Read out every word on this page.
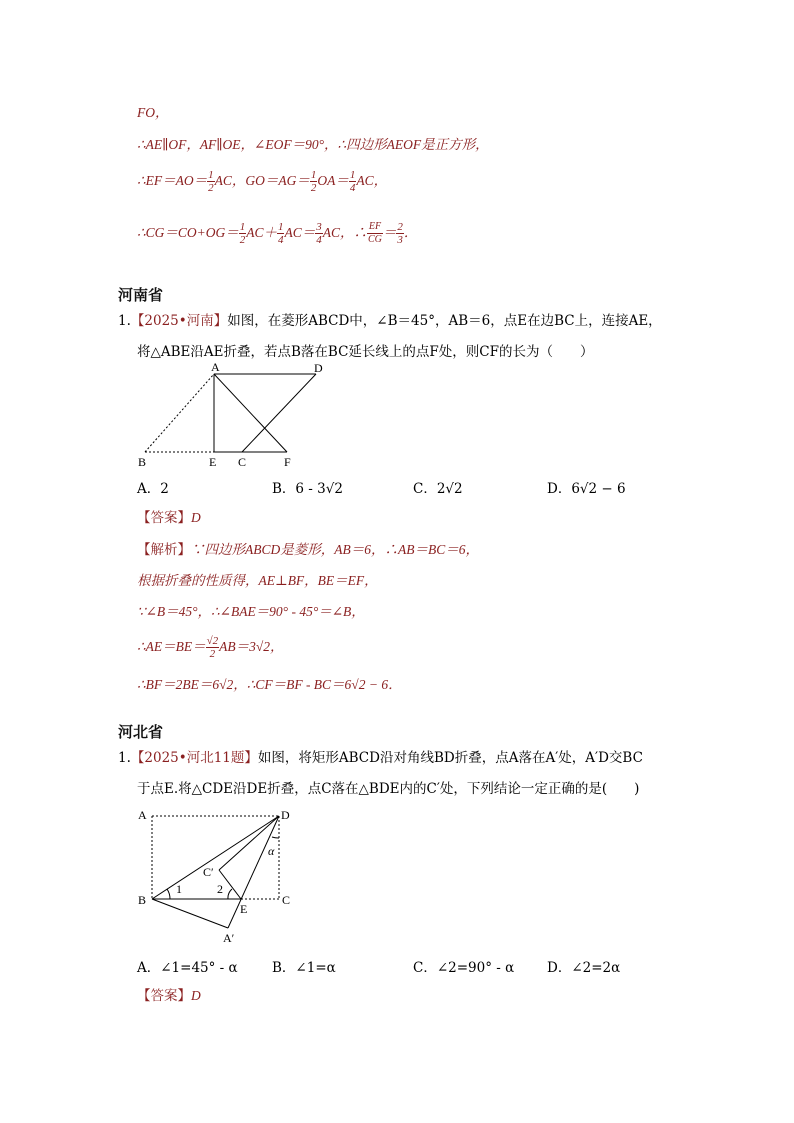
FO，
∴AE∥OF，AF∥OE，∠EOF＝90°，∴四边形AEOF是正方形，
∴EF＝AO＝ $\frac{1}{2}$ AC，$GO=AG= \frac{1}{2} OA= \frac{1}{4}$ AC，
∴CG＝CO+OG＝ $\frac{1}{2} AC+ \frac{1}{4} AC= \frac{3}{4}$ AC，∴ $\frac{EF}{CG} = \frac{2}{3}$ ．
河南省
1.【2025•河南】如图，在菱形ABCD中，∠B＝45°，AB＝6，点E在边BC上，连接AE，
将△ABE沿AE折叠，若点B落在BC延长线上的点F处，则CF的长为（　　）
A	D
B	E C	F
A．2	B．6 - 3√2	C．2√2	D．6√2 − 6
【答案】D
【解析】∵四边形ABCD是菱形，AB＝6，∴AB＝BC＝6，
根据折叠的性质得，AE⊥BF，BE＝EF，
∵∠B＝45°，∴∠BAE＝90° - 45°＝∠B，
∴AE＝BE＝ $\frac{√2}{2} AB=3√2$，
∴BF＝2BE＝6√2，∴CF＝BF - BC＝6√2 − 6．
河北省
1.【2025•河北11题】如图，将矩形ABCD沿对角线BD折叠，点A落在A′处，A′D交BC
于点E.将△CDE沿DE折叠，点C落在△BDE内的C′处，下列结论一定正确的是(　　)
A	D
B	C
E
A′
C′
1	2
α
A．∠1=45° - α	B．∠1=α	C．∠2=90° - α D．∠2=2α
【答案】D
